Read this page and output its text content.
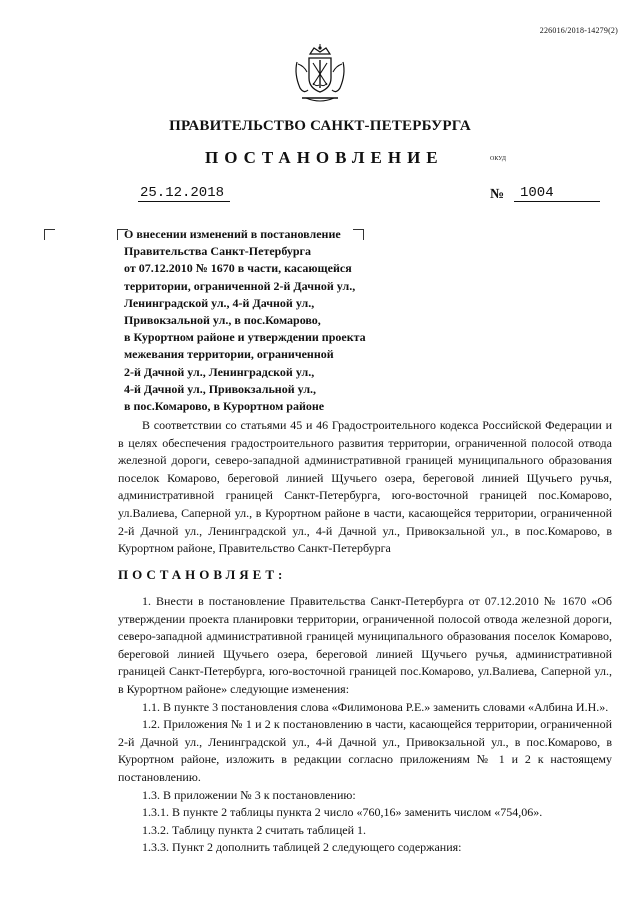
226016/2018-14279(2)
ПРАВИТЕЛЬСТВО САНКТ-ПЕТЕРБУРГА
ПОСТАНОВЛЕНИЕ	ОКУД
25.12.2018	№	1004
О внесении изменений в постановление
Правительства Санкт-Петербурга
от 07.12.2010 № 1670 в части, касающейся
территории, ограниченной 2-й Дачной ул.,
Ленинградской ул., 4-й Дачной ул.,
Привокзальной ул., в пос.Комарово,
в Курортном районе и утверждении проекта
межевания территории, ограниченной
2-й Дачной ул., Ленинградской ул.,
4-й Дачной ул., Привокзальной ул.,
в пос.Комарово, в Курортном районе

В соответствии со статьями 45 и 46 Градостроительного кодекса Российской Федерации и в целях обеспечения градостроительного развития территории, ограниченной полосой отвода железной дороги, северо-западной административной границей муниципального образования поселок Комарово, береговой линией Щучьего озера, береговой линией Щучьего ручья, административной границей Санкт-Петербурга, юго-восточной границей пос.Комарово, ул.Валиева, Саперной ул., в Курортном районе в части, касающейся территории, ограниченной 2-й Дачной ул., Ленинградской ул., 4-й Дачной ул., Привокзальной ул., в пос.Комарово, в Курортном районе, Правительство Санкт-Петербурга

ПОСТАНОВЛЯЕТ:

1. Внести в постановление Правительства Санкт-Петербурга от 07.12.2010 № 1670 «Об утверждении проекта планировки территории, ограниченной полосой отвода железной дороги, северо-западной административной границей муниципального образования поселок Комарово, береговой линией Щучьего озера, береговой линией Щучьего ручья, административной границей Санкт-Петербурга, юго-восточной границей пос.Комарово, ул.Валиева, Саперной ул., в Курортном районе» следующие изменения:

1.1. В пункте 3 постановления слова «Филимонова Р.Е.» заменить словами «Албина И.Н.».

1.2. Приложения № 1 и 2 к постановлению в части, касающейся территории, ограниченной 2-й Дачной ул., Ленинградской ул., 4-й Дачной ул., Привокзальной ул., в пос.Комарово, в Курортном районе, изложить в редакции согласно приложениям № 1 и 2 к настоящему постановлению.

1.3. В приложении № 3 к постановлению:

1.3.1. В пункте 2 таблицы пункта 2 число «760,16» заменить числом «754,06».

1.3.2. Таблицу пункта 2 считать таблицей 1.

1.3.3. Пункт 2 дополнить таблицей 2 следующего содержания:
